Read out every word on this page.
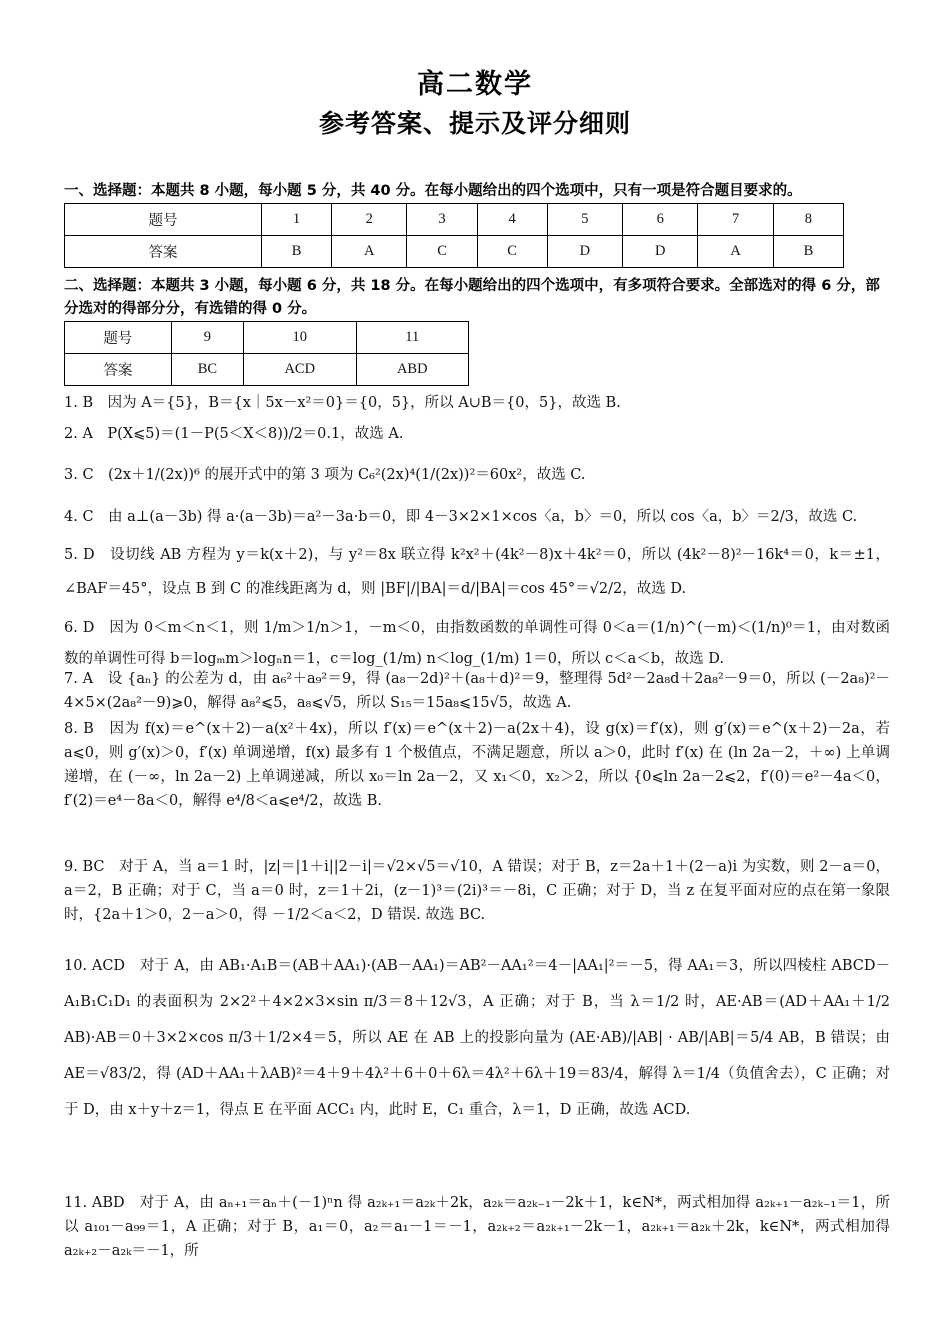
高二数学
参考答案、提示及评分细则
一、选择题：本题共 8 小题，每小题 5 分，共 40 分。在每小题给出的四个选项中，只有一项是符合题目要求的。
题号	1	2	3	4	5	6	7	8
答案	B	A	C	C	D	D	A	B
二、选择题：本题共 3 小题，每小题 6 分，共 18 分。在每小题给出的四个选项中，有多项符合要求。全部选对的得 6 分，部分选对的得部分分，有选错的得 0 分。
题号	9	10	11
答案	BC	ACD	ABD
1. B　因为 A＝{5}，B＝{x｜5x－x²＝0}＝{0，5}，所以 A∪B＝{0，5}，故选 B.
2. A　P(X⩽5)＝(1－P(5＜X＜8))/2＝0.1，故选 A.
3. C　(2x＋1/(2x))⁶ 的展开式中的第 3 项为 C₆²(2x)⁴(1/(2x))²＝60x²，故选 C.
4. C　由 a⊥(a－3b) 得 a·(a－3b)＝a²－3a·b＝0，即 4－3×2×1×cos〈a，b〉＝0，所以 cos〈a，b〉＝2/3，故选 C.
5. D　设切线 AB 方程为 y＝k(x＋2)，与 y²＝8x 联立得 k²x²＋(4k²－8)x＋4k²＝0，所以 (4k²－8)²－16k⁴＝0，k＝±1，∠BAF＝45°，设点 B 到 C 的准线距离为 d，则 |BF|/|BA|＝d/|BA|＝cos 45°＝√2/2，故选 D.
6. D　因为 0＜m＜n＜1，则 1/m＞1/n＞1，－m＜0，由指数函数的单调性可得 0＜a＝(1/n)^(－m)＜(1/n)⁰＝1，由对数函数的单调性可得 b＝logₘm＞logₙn＝1，c＝log_(1/m) n＜log_(1/m) 1＝0，所以 c＜a＜b，故选 D.
7. A　设 {aₙ} 的公差为 d，由 a₆²＋a₉²＝9，得 (a₈－2d)²＋(a₈＋d)²＝9，整理得 5d²－2a₈d＋2a₈²－9＝0，所以 (－2a₈)²－4×5×(2a₈²－9)⩾0，解得 a₈²⩽5，a₈⩽√5，所以 S₁₅＝15a₈⩽15√5，故选 A.
8. B　因为 f(x)＝e^(x＋2)－a(x²＋4x)，所以 f′(x)＝e^(x＋2)－a(2x＋4)，设 g(x)＝f′(x)，则 g′(x)＝e^(x＋2)－2a，若 a⩽0，则 g′(x)＞0，f′(x) 单调递增，f(x) 最多有 1 个极值点，不满足题意，所以 a＞0，此时 f′(x) 在 (ln 2a－2，＋∞) 上单调递增，在 (－∞，ln 2a－2) 上单调递减，所以 x₀＝ln 2a－2，又 x₁＜0，x₂＞2，所以 {0⩽ln 2a－2⩽2，f′(0)＝e²－4a＜0，f′(2)＝e⁴－8a＜0，解得 e⁴/8＜a⩽e⁴/2，故选 B.
9. BC　对于 A，当 a＝1 时，|z|＝|1＋i||2－i|＝√2×√5＝√10，A 错误；对于 B，z＝2a＋1＋(2－a)i 为实数，则 2－a＝0，a＝2，B 正确；对于 C，当 a＝0 时，z＝1＋2i，(z－1)³＝(2i)³＝－8i，C 正确；对于 D，当 z 在复平面对应的点在第一象限时，{2a＋1＞0，2－a＞0，得 －1/2＜a＜2，D 错误. 故选 BC.
10. ACD　对于 A，由 AB₁·A₁B＝(AB＋AA₁)·(AB－AA₁)＝AB²－AA₁²＝4－|AA₁|²＝－5，得 AA₁＝3，所以四棱柱 ABCD－A₁B₁C₁D₁ 的表面积为 2×2²＋4×2×3×sin π/3＝8＋12√3，A 正确；对于 B，当 λ＝1/2 时，AE·AB＝(AD＋AA₁＋1/2 AB)·AB＝0＋3×2×cos π/3＋1/2×4＝5，所以 AE 在 AB 上的投影向量为 (AE·AB)/|AB| · AB/|AB|＝5/4 AB，B 错误；由 AE＝√83/2，得 (AD＋AA₁＋λAB)²＝4＋9＋4λ²＋6＋0＋6λ＝4λ²＋6λ＋19＝83/4，解得 λ＝1/4（负值舍去），C 正确；对于 D，由 x＋y＋z＝1，得点 E 在平面 ACC₁ 内，此时 E，C₁ 重合，λ＝1，D 正确，故选 ACD.
11. ABD　对于 A，由 aₙ₊₁＝aₙ＋(－1)ⁿn 得 a₂ₖ₊₁＝a₂ₖ＋2k，a₂ₖ＝a₂ₖ₋₁－2k＋1，k∈N*，两式相加得 a₂ₖ₊₁－a₂ₖ₋₁＝1，所以 a₁₀₁－a₉₉＝1，A 正确；对于 B，a₁＝0，a₂＝a₁－1＝－1，a₂ₖ₊₂＝a₂ₖ₊₁－2k－1，a₂ₖ₊₁＝a₂ₖ＋2k，k∈N*，两式相加得 a₂ₖ₊₂－a₂ₖ＝－1，所
